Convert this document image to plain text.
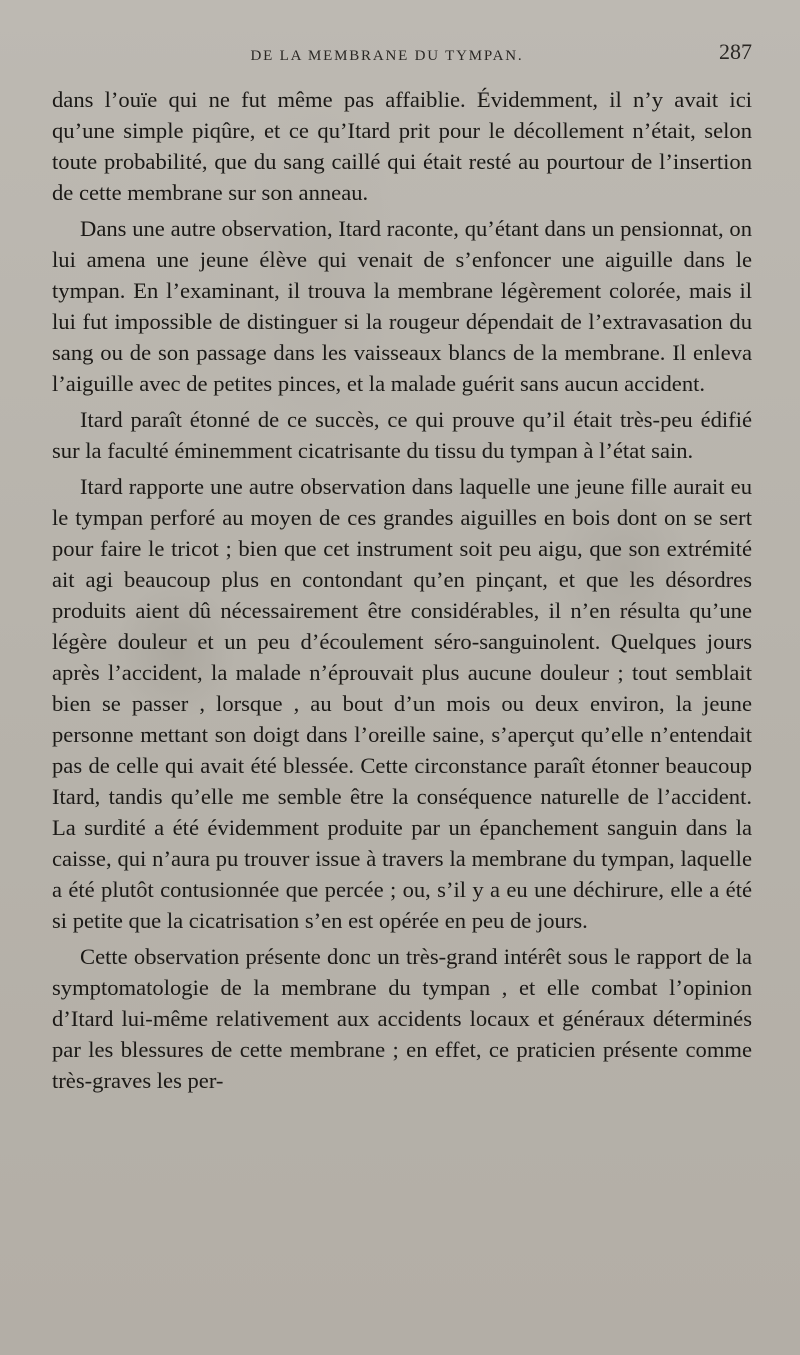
DE LA MEMBRANE DU TYMPAN.	287

dans l’ouïe qui ne fut même pas affaiblie. Évidemment, il n’y avait ici qu’une simple piqûre, et ce qu’Itard prit pour le décollement n’était, selon toute probabilité, que du sang caillé qui était resté au pourtour de l’insertion de cette membrane sur son anneau.

Dans une autre observation, Itard raconte, qu’étant dans un pensionnat, on lui amena une jeune élève qui venait de s’enfoncer une aiguille dans le tympan. En l’examinant, il trouva la membrane légèrement colorée, mais il lui fut impossible de distinguer si la rougeur dépendait de l’extravasation du sang ou de son passage dans les vaisseaux blancs de la membrane. Il enleva l’aiguille avec de petites pinces, et la malade guérit sans aucun accident.

Itard paraît étonné de ce succès, ce qui prouve qu’il était très-peu édifié sur la faculté éminemment cicatrisante du tissu du tympan à l’état sain.

Itard rapporte une autre observation dans laquelle une jeune fille aurait eu le tympan perforé au moyen de ces grandes aiguilles en bois dont on se sert pour faire le tricot ; bien que cet instrument soit peu aigu, que son extrémité ait agi beaucoup plus en contondant qu’en pinçant, et que les désordres produits aient dû nécessairement être considérables, il n’en résulta qu’une légère douleur et un peu d’écoulement séro-sanguinolent. Quelques jours après l’accident, la malade n’éprouvait plus aucune douleur ; tout semblait bien se passer , lorsque , au bout d’un mois ou deux environ, la jeune personne mettant son doigt dans l’oreille saine, s’aperçut qu’elle n’entendait pas de celle qui avait été blessée. Cette circonstance paraît étonner beaucoup Itard, tandis qu’elle me semble être la conséquence naturelle de l’accident. La surdité a été évidemment produite par un épanchement sanguin dans la caisse, qui n’aura pu trouver issue à travers la membrane du tympan, laquelle a été plutôt contusionnée que percée ; ou, s’il y a eu une déchirure, elle a été si petite que la cicatrisation s’en est opérée en peu de jours.

Cette observation présente donc un très-grand intérêt sous le rapport de la symptomatologie de la membrane du tympan , et elle combat l’opinion d’Itard lui-même relativement aux accidents locaux et généraux déterminés par les blessures de cette membrane ; en effet, ce praticien présente comme très-graves les per-
